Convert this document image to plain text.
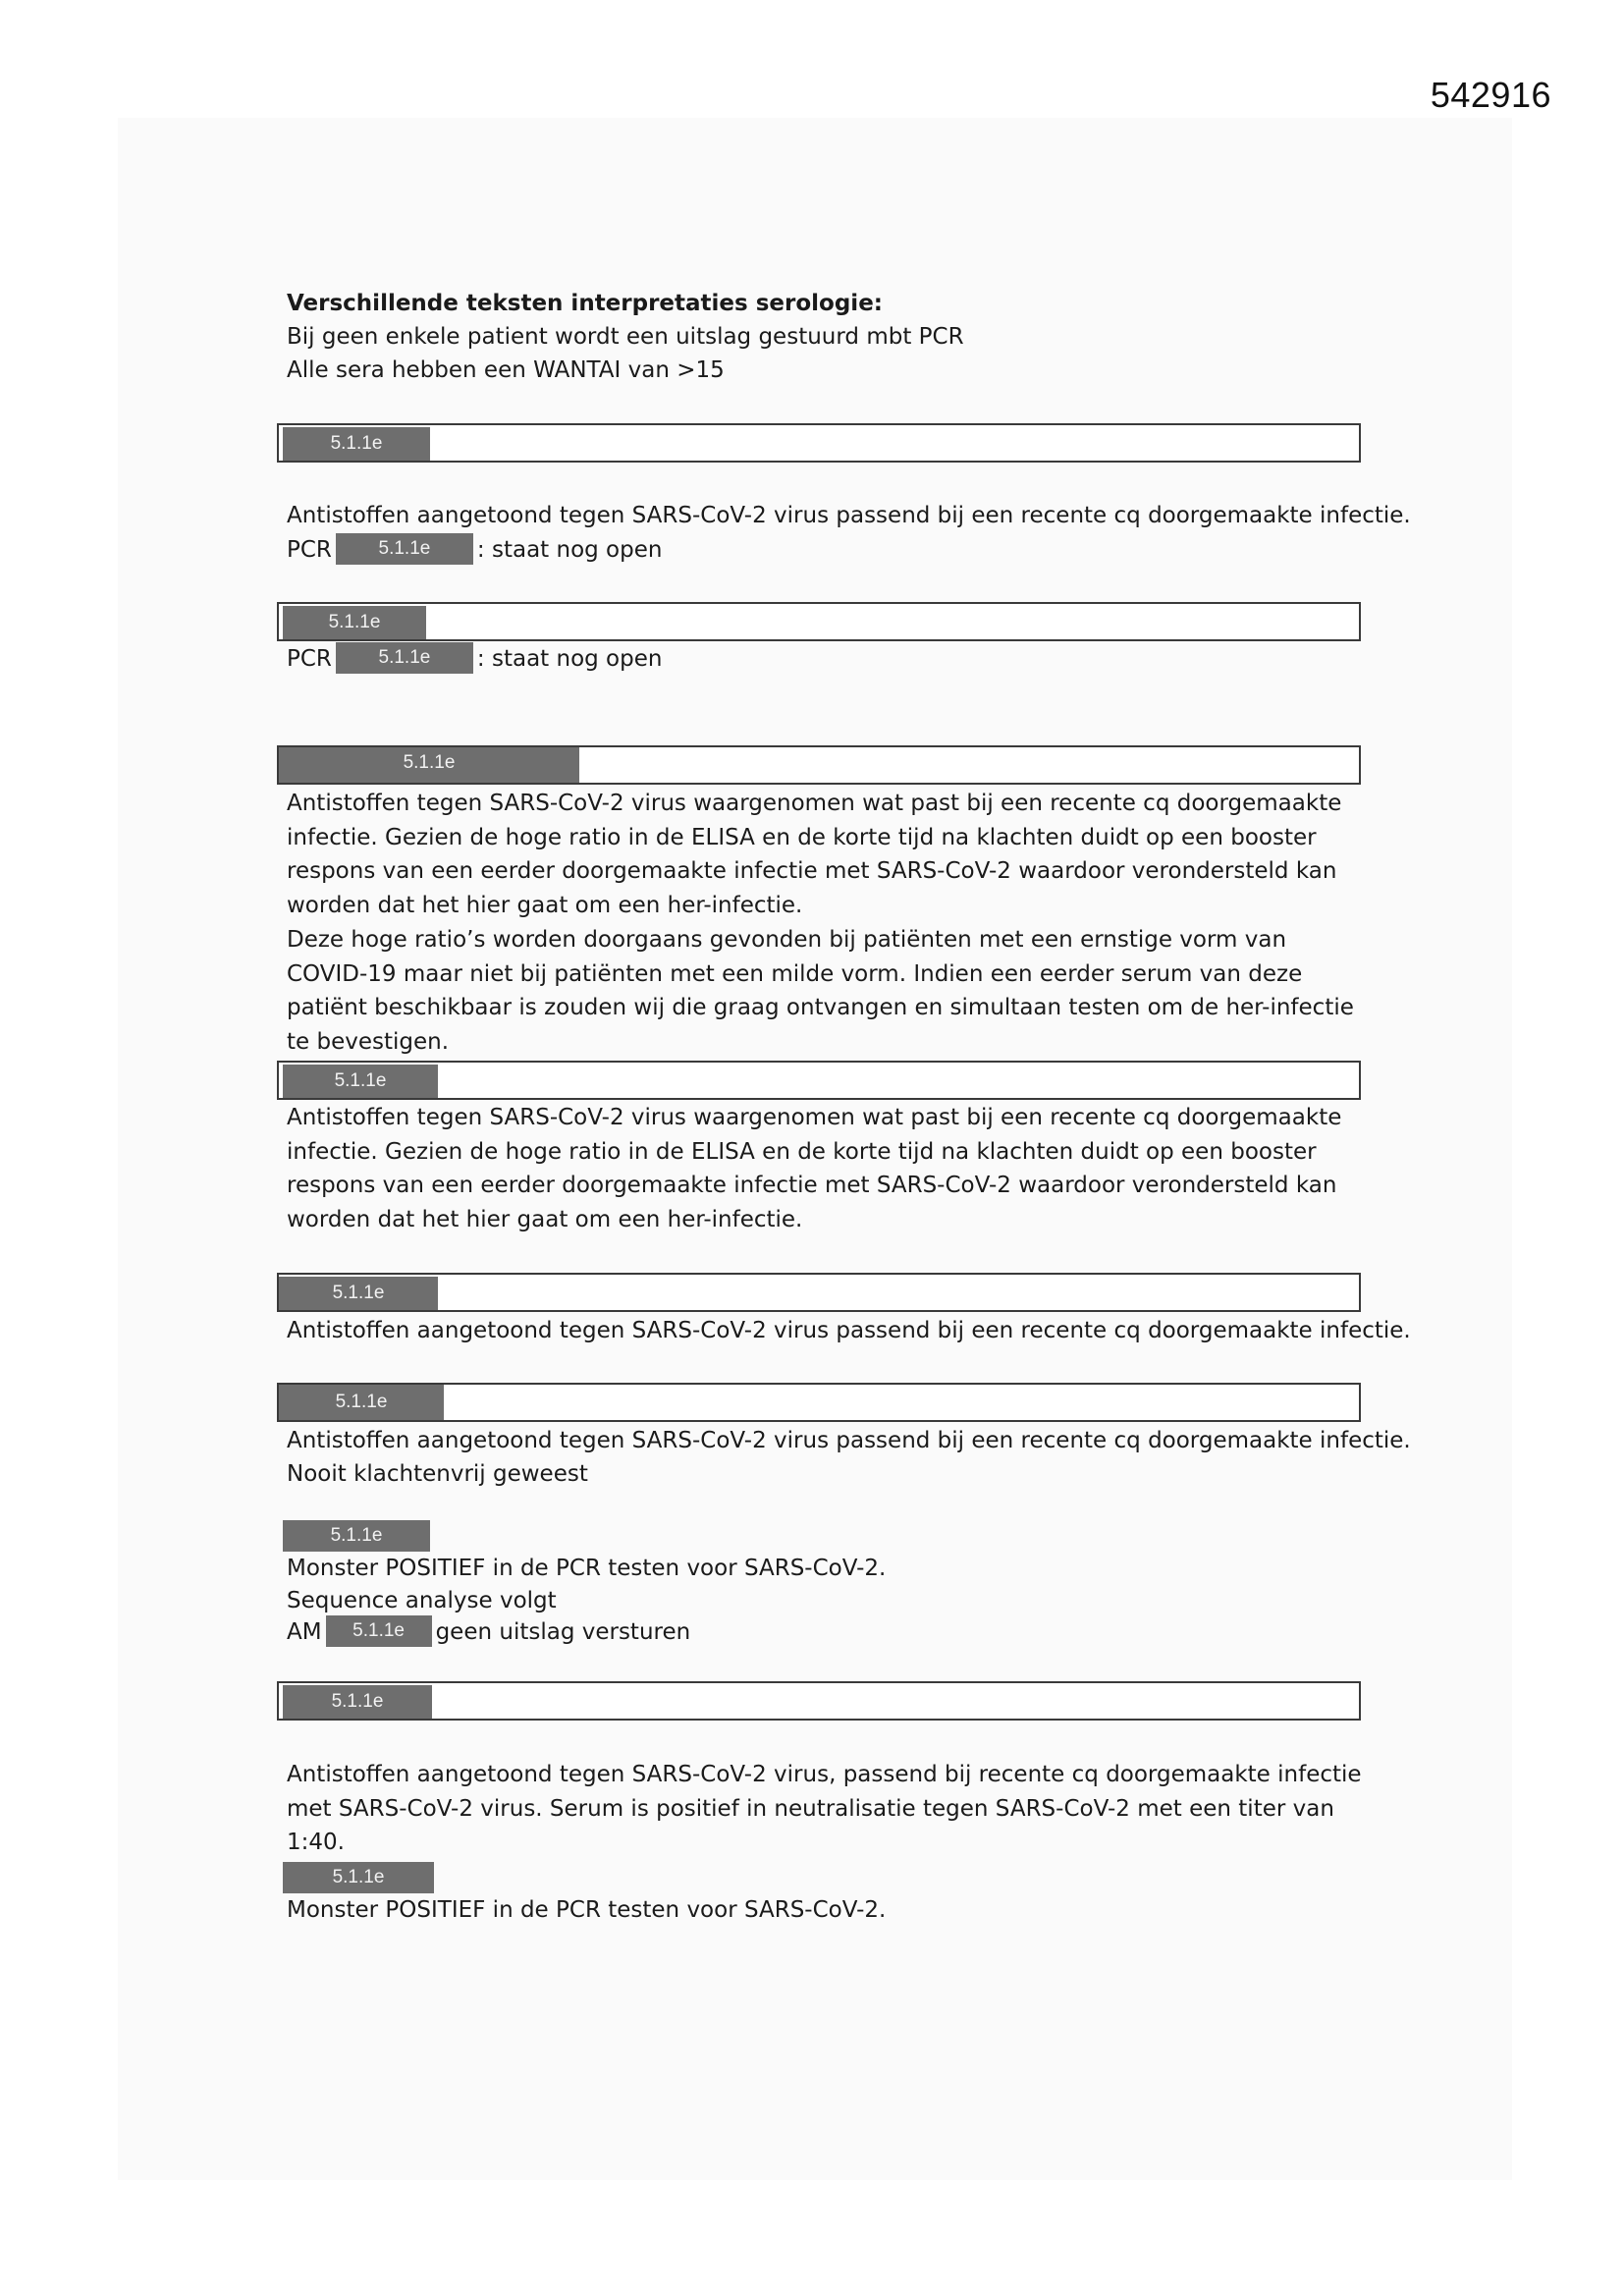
542916
Verschillende teksten interpretaties serologie:
Bij geen enkele patient wordt een uitslag gestuurd mbt PCR
Alle sera hebben een WANTAI van >15
5.1.1e
Antistoffen aangetoond tegen SARS-CoV-2 virus passend bij een recente cq doorgemaakte infectie.
PCR	5.1.1e : staat nog open
5.1.1e
PCR	5.1.1e : staat nog open
5.1.1e
Antistoffen tegen SARS-CoV-2 virus waargenomen wat past bij een recente cq doorgemaakte infectie. Gezien de hoge ratio in de ELISA en de korte tijd na klachten duidt op een booster respons van een eerder doorgemaakte infectie met SARS-CoV-2 waardoor verondersteld kan worden dat het hier gaat om een her-infectie.
Deze hoge ratio’s worden doorgaans gevonden bij patiënten met een ernstige vorm van COVID-19 maar niet bij patiënten met een milde vorm. Indien een eerder serum van deze patiënt beschikbaar is zouden wij die graag ontvangen en simultaan testen om de her-infectie te bevestigen.
5.1.1e
Antistoffen tegen SARS-CoV-2 virus waargenomen wat past bij een recente cq doorgemaakte infectie. Gezien de hoge ratio in de ELISA en de korte tijd na klachten duidt op een booster respons van een eerder doorgemaakte infectie met SARS-CoV-2 waardoor verondersteld kan worden dat het hier gaat om een her-infectie.
5.1.1e
Antistoffen aangetoond tegen SARS-CoV-2 virus passend bij een recente cq doorgemaakte infectie.
5.1.1e
Antistoffen aangetoond tegen SARS-CoV-2 virus passend bij een recente cq doorgemaakte infectie.
Nooit klachtenvrij geweest
5.1.1e
Monster POSITIEF in de PCR testen voor SARS-CoV-2.
Sequence analyse volgt
AM 5.1.1e geen uitslag versturen
5.1.1e
Antistoffen aangetoond tegen SARS-CoV-2 virus, passend bij recente cq doorgemaakte infectie met SARS-CoV-2 virus. Serum is positief in neutralisatie tegen SARS-CoV-2 met een titer van 1:40.
5.1.1e
Monster POSITIEF in de PCR testen voor SARS-CoV-2.
